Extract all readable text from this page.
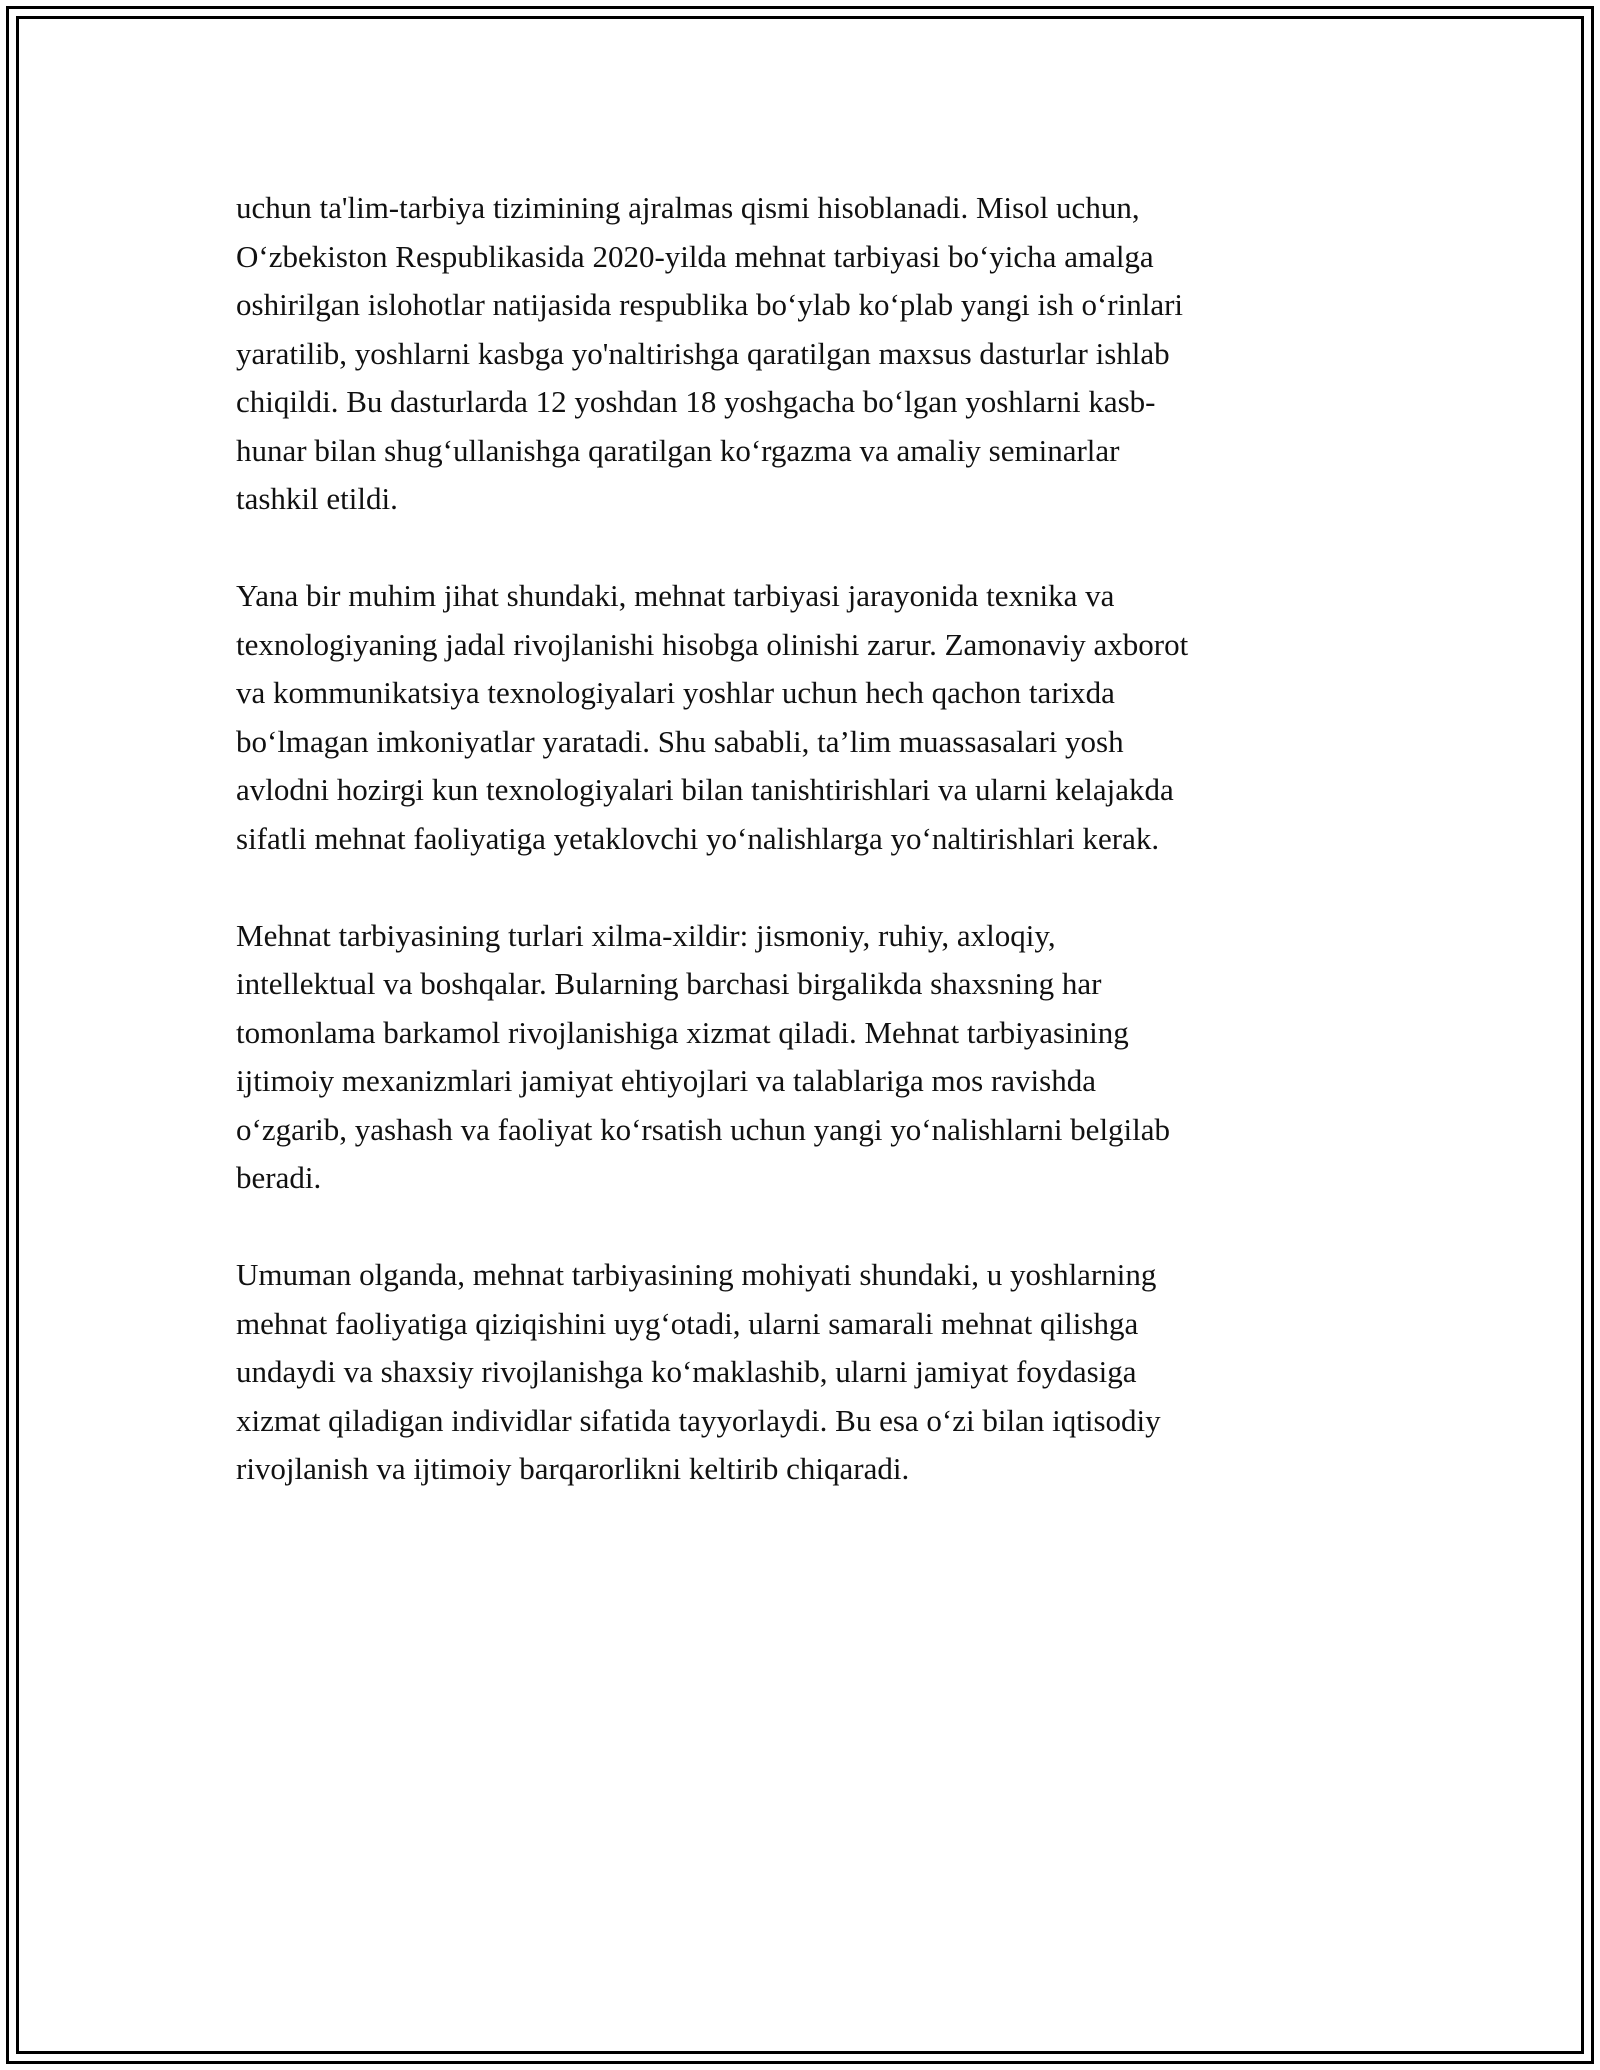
uchun ta'lim-tarbiya tizimining ajralmas qismi hisoblanadi. Misol uchun,
O‘zbekiston Respublikasida 2020-yilda mehnat tarbiyasi bo‘yicha amalga
oshirilgan islohotlar natijasida respublika bo‘ylab ko‘plab yangi ish o‘rinlari
yaratilib, yoshlarni kasbga yo'naltirishga qaratilgan maxsus dasturlar ishlab
chiqildi. Bu dasturlarda 12 yoshdan 18 yoshgacha bo‘lgan yoshlarni kasb-
hunar bilan shug‘ullanishga qaratilgan ko‘rgazma va amaliy seminarlar
tashkil etildi.

Yana bir muhim jihat shundaki, mehnat tarbiyasi jarayonida texnika va
texnologiyaning jadal rivojlanishi hisobga olinishi zarur. Zamonaviy axborot
va kommunikatsiya texnologiyalari yoshlar uchun hech qachon tarixda
bo‘lmagan imkoniyatlar yaratadi. Shu sababli, ta’lim muassasalari yosh
avlodni hozirgi kun texnologiyalari bilan tanishtirishlari va ularni kelajakda
sifatli mehnat faoliyatiga yetaklovchi yo‘nalishlarga yo‘naltirishlari kerak.

Mehnat tarbiyasining turlari xilma-xildir: jismoniy, ruhiy, axloqiy,
intellektual va boshqalar. Bularning barchasi birgalikda shaxsning har
tomonlama barkamol rivojlanishiga xizmat qiladi. Mehnat tarbiyasining
ijtimoiy mexanizmlari jamiyat ehtiyojlari va talablariga mos ravishda
o‘zgarib, yashash va faoliyat ko‘rsatish uchun yangi yo‘nalishlarni belgilab
beradi.

Umuman olganda, mehnat tarbiyasining mohiyati shundaki, u yoshlarning
mehnat faoliyatiga qiziqishini uyg‘otadi, ularni samarali mehnat qilishga
undaydi va shaxsiy rivojlanishga ko‘maklashib, ularni jamiyat foydasiga
xizmat qiladigan individlar sifatida tayyorlaydi. Bu esa o‘zi bilan iqtisodiy
rivojlanish va ijtimoiy barqarorlikni keltirib chiqaradi.
